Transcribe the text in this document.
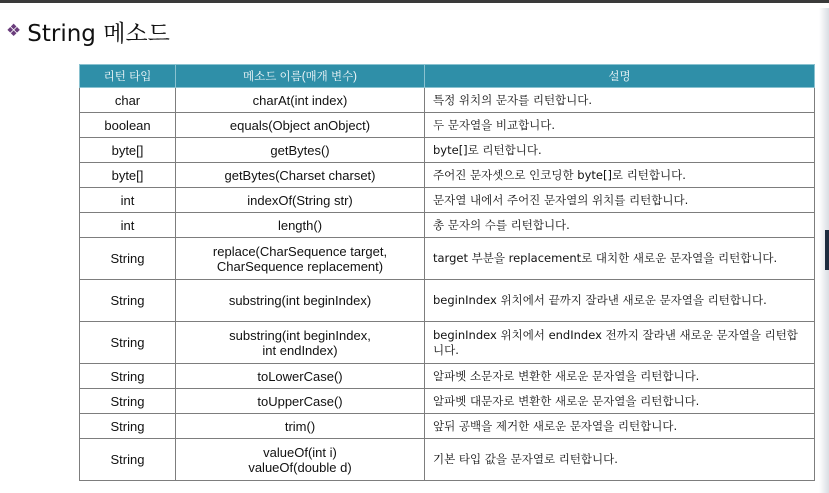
❖ String 메소드
리턴 타입	메소드 이름(매개 변수)	설명
char	charAt(int index)	특정 위치의 문자를 리턴합니다.
boolean	equals(Object anObject)	두 문자열을 비교합니다.
byte[]	getBytes()	byte[]로 리턴합니다.
byte[]	getBytes(Charset charset)	주어진 문자셋으로 인코딩한 byte[]로 리턴합니다.
int	indexOf(String str)	문자열 내에서 주어진 문자열의 위치를 리턴합니다.
int	length()	총 문자의 수를 리턴합니다.
String	replace(CharSequence target,
CharSequence replacement)	target 부분을 replacement로 대치한 새로운 문자열을 리턴합니다.
String	substring(int beginIndex)	beginIndex 위치에서 끝까지 잘라낸 새로운 문자열을 리턴합니다.
String	substring(int beginIndex,
int endIndex)	beginIndex 위치에서 endIndex 전까지 잘라낸 새로운 문자열을 리턴합니다.
String	toLowerCase()	알파벳 소문자로 변환한 새로운 문자열을 리턴합니다.
String	toUpperCase()	알파벳 대문자로 변환한 새로운 문자열을 리턴합니다.
String	trim()	앞뒤 공백을 제거한 새로운 문자열을 리턴합니다.
String	valueOf(int i)
valueOf(double d)	기본 타입 값을 문자열로 리턴합니다.
